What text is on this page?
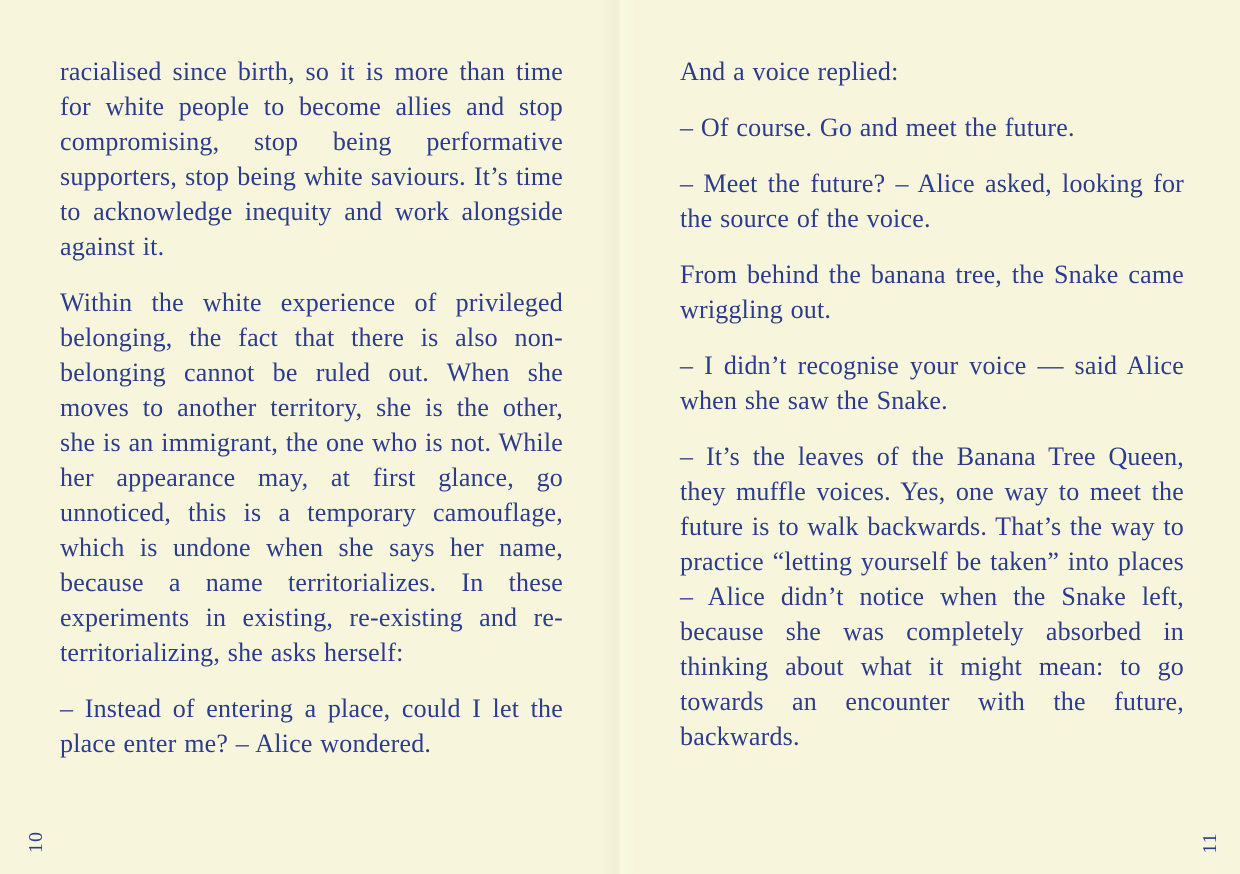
racialised since birth, so it is more than time for white people to become allies and stop compromising, stop being performative supporters, stop being white saviours. It’s time to acknowledge inequity and work alongside against it.

Within the white experience of privileged belonging, the fact that there is also non-belonging cannot be ruled out. When she moves to another territory, she is the other, she is an immigrant, the one who is not. While her appearance may, at first glance, go unnoticed, this is a temporary camouflage, which is undone when she says her name, because a name territorializes. In these experiments in existing, re-existing and re-territorializing, she asks herself:

– Instead of entering a place, could I let the place enter me? – Alice wondered.

And a voice replied:

– Of course. Go and meet the future.

– Meet the future? – Alice asked, looking for the source of the voice.

From behind the banana tree, the Snake came wriggling out.

– I didn’t recognise your voice — said Alice when she saw the Snake.

– It’s the leaves of the Banana Tree Queen, they muffle voices. Yes, one way to meet the future is to walk backwards. That’s the way to practice “letting yourself be taken” into places – Alice didn’t notice when the Snake left, because she was completely absorbed in thinking about what it might mean: to go towards an encounter with the future, backwards.

10	11
